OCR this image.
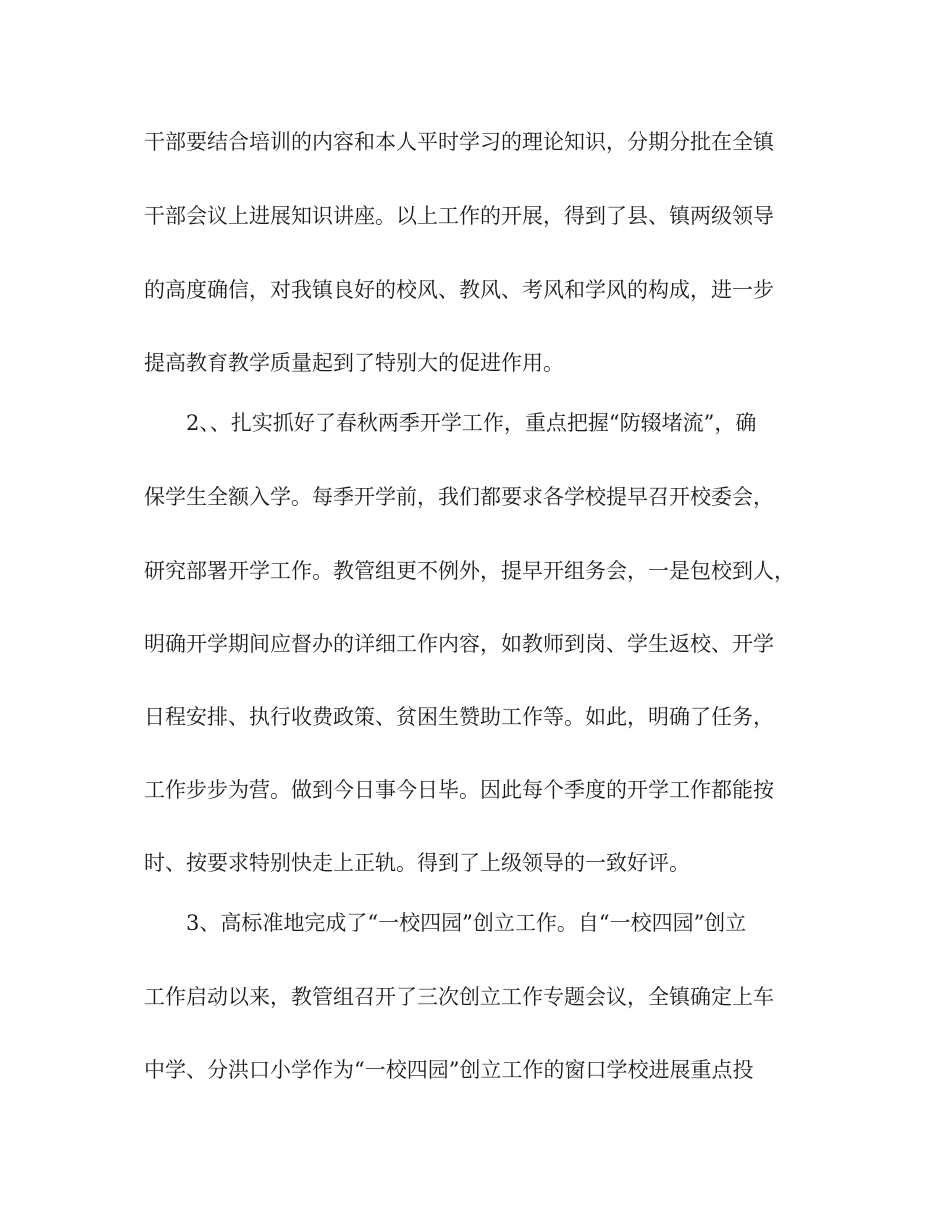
干部要结合培训的内容和本人平时学习的理论知识，分期分批在全镇
干部会议上进展知识讲座。以上工作的开展，得到了县、镇两级领导
的高度确信，对我镇良好的校风、教风、考风和学风的构成，进一步
提高教育教学质量起到了特别大的促进作用。
2、、扎实抓好了春秋两季开学工作，重点把握“防辍堵流”，确
保学生全额入学。每季开学前，我们都要求各学校提早召开校委会，
研究部署开学工作。教管组更不例外，提早开组务会，一是包校到人，
明确开学期间应督办的详细工作内容，如教师到岗、学生返校、开学
日程安排、执行收费政策、贫困生赞助工作等。如此，明确了任务，
工作步步为营。做到今日事今日毕。因此每个季度的开学工作都能按
时、按要求特别快走上正轨。得到了上级领导的一致好评。
3、高标准地完成了“一校四园”创立工作。自“一校四园”创立
工作启动以来，教管组召开了三次创立工作专题会议，全镇确定上车
中学、分洪口小学作为“一校四园”创立工作的窗口学校进展重点投
